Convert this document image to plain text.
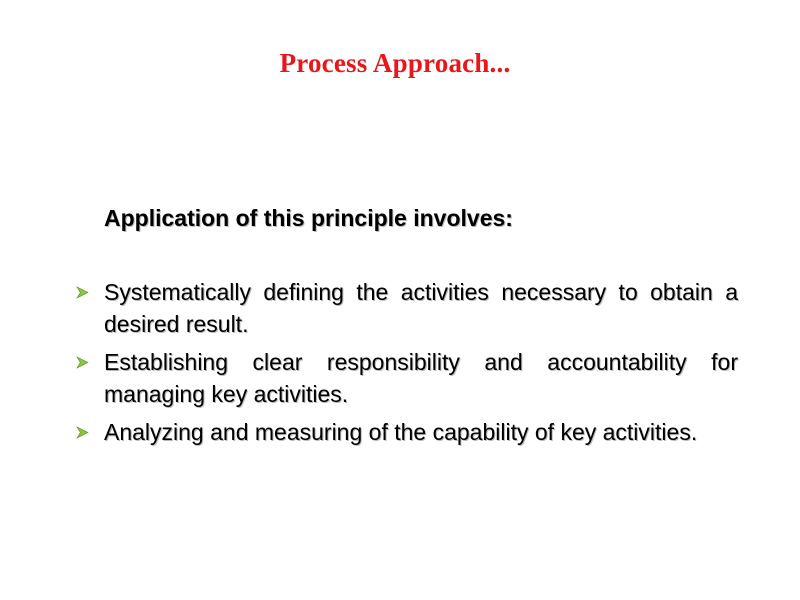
Process Approach...
Application of this principle involves:
Systematically defining the activities necessary to obtain a desired result.
Establishing clear responsibility and accountability for managing key activities.
Analyzing and measuring of the capability of key activities.
